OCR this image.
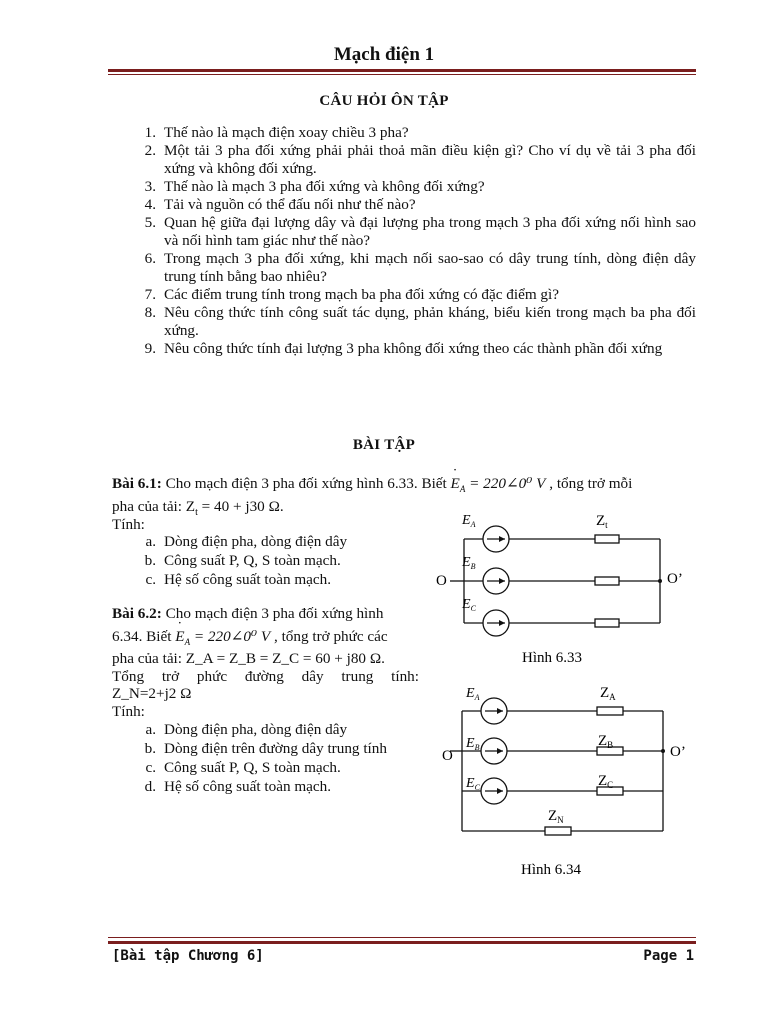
Mạch điện 1
CÂU HỎI ÔN TẬP
1. Thế nào là mạch điện xoay chiều 3 pha?
2. Một tải 3 pha đối xứng phải phải thoả mãn điều kiện gì? Cho ví dụ về tải 3 pha đối xứng và không đối xứng.
3. Thế nào là mạch 3 pha đối xứng và không đối xứng?
4. Tải và nguồn có thể đấu nối như thế nào?
5. Quan hệ giữa đại lượng dây và đại lượng pha trong mạch 3 pha đối xứng nối hình sao và nối hình tam giác như thế nào?
6. Trong mạch 3 pha đối xứng, khi mạch nối sao-sao có dây trung tính, dòng điện dây trung tính bằng bao nhiêu?
7. Các điểm trung tính trong mạch ba pha đối xứng có đặc điểm gì?
8. Nêu công thức tính công suất tác dụng, phản kháng, biểu kiến trong mạch ba pha đối xứng.
9. Nêu công thức tính đại lượng 3 pha không đối xứng theo các thành phần đối xứng
BÀI TẬP
Bài 6.1: Cho mạch điện 3 pha đối xứng hình 6.33. Biết E $˙_A$ = 220∠0⁰ V , tổng trở mỗi
pha của tải: $Z_t = 40 + j30$ Ω.
Tính:
a. Dòng điện pha, dòng điện dây
b. Công suất P, Q, S toàn mạch.
c. Hệ số công suất toàn mạch.
Bài 6.2: Cho mạch điện 3 pha đối xứng hình
6.34. Biết E $˙_A$ = 220∠0⁰ V , tổng trở phức các
pha của tải: Z_A = Z_B = Z_C = 60 + j80 Ω.
Tổng trở phức đường dây trung tính:
Z_N=2+j2 Ω
Tính:
a. Dòng điện pha, dòng điện dây
b. Dòng điện trên đường dây trung tính
c. Công suất P, Q, S toàn mạch.
d. Hệ số công suất toàn mạch.
$E_A$
$E_B$
$E_C$
$Z_t$
O	O’
Hình 6.33
$E_A$
$E_B$
$E_C$
$Z_A$
$Z_B$
$Z_C$
$Z_N$
O	O’
Hình 6.34
[Bài tập Chương 6]	Page 1
